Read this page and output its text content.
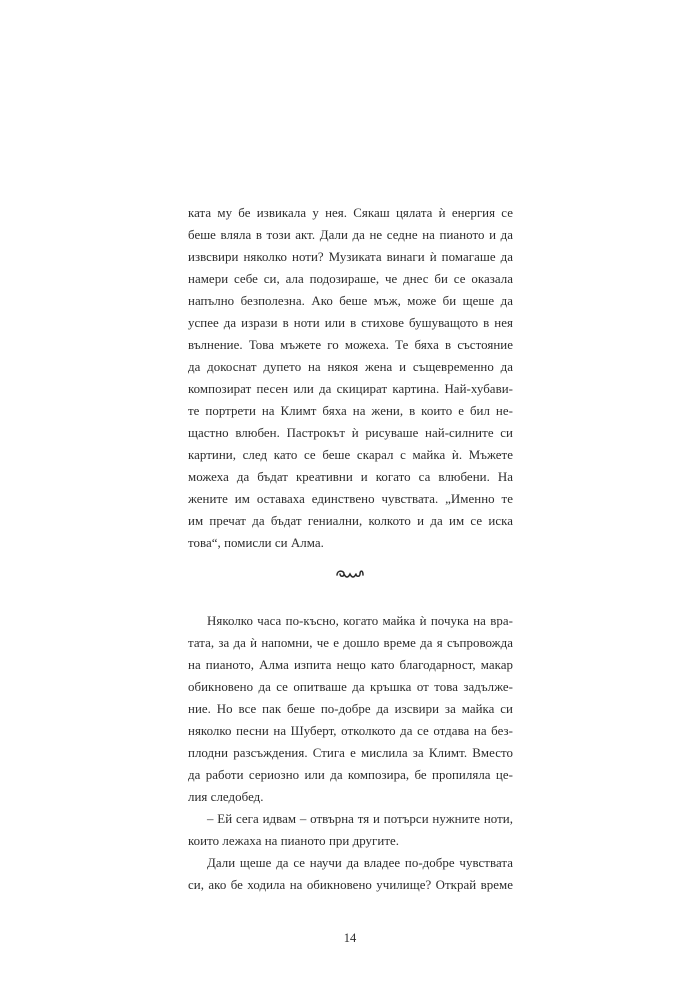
ката му бе извикала у нея. Сякаш цялата ѝ енергия се
беше вляла в този акт. Дали да не седне на пианото и да
извсвири няколко ноти? Музиката винаги ѝ помагаше да
намери себе си, ала подозираше, че днес би се оказала
напълно безполезна. Ако беше мъж, може би щеше да
успее да изрази в ноти или в стихове бушуващото в нея
вълнение. Това мъжете го можеха. Те бяха в състояние
да докоснат дупето на някоя жена и същевременно да
композират песен или да скицират картина. Най-хубави-
те портрети на Климт бяха на жени, в които е бил не-
щастно влюбен. Пастрокът ѝ рисуваше най-силните си
картини, след като се беше скарал с майка ѝ. Мъжете
можеха да бъдат креативни и когато са влюбени. На
жените им оставаха единствено чувствата. „Именно те
им пречат да бъдат гениални, колкото и да им се иска
това“, помисли си Алма.
Няколко часа по-късно, когато майка ѝ почука на вра-
тата, за да ѝ напомни, че е дошло време да я съпровожда
на пианото, Алма изпита нещо като благодарност, макар
обикновено да се опитваше да кръшка от това задълже-
ние. Но все пак беше по-добре да изсвири за майка си
няколко песни на Шуберт, отколкото да се отдава на без-
плодни разсъждения. Стига е мислила за Климт. Вместо
да работи сериозно или да композира, бе пропиляла це-
лия следобед.
– Ей сега идвам – отвърна тя и потърси нужните ноти,
които лежаха на пианото при другите.
Дали щеше да се научи да владее по-добре чувствата
си, ако бе ходила на обикновено училище? Открай време
14
